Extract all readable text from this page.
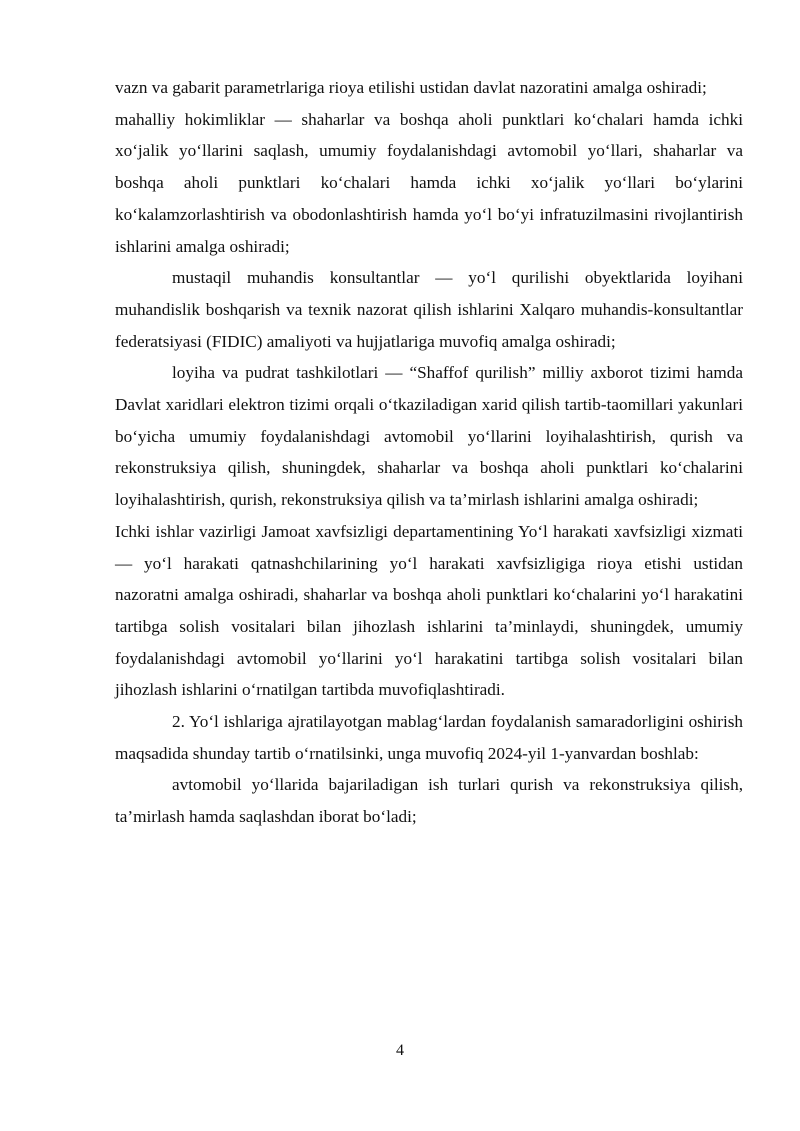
vazn va gabarit parametrlariga rioya etilishi ustidan davlat nazoratini amalga oshiradi;

mahalliy hokimliklar — shaharlar va boshqa aholi punktlari ko‘chalari hamda ichki xo‘jalik yo‘llarini saqlash, umumiy foydalanishdagi avtomobil yo‘llari, shaharlar va boshqa aholi punktlari ko‘chalari hamda ichki xo‘jalik yo‘llari bo‘ylarini ko‘kalamzorlashtirish va obodonlashtirish hamda yo‘l bo‘yi infratuzilmasini rivojlantirish ishlarini amalga oshiradi;

mustaqil muhandis konsultantlar — yo‘l qurilishi obyektlarida loyihani muhandislik boshqarish va texnik nazorat qilish ishlarini Xalqaro muhandis-konsultantlar federatsiyasi (FIDIC) amaliyoti va hujjatlariga muvofiq amalga oshiradi;

loyiha va pudrat tashkilotlari — “Shaffof qurilish” milliy axborot tizimi hamda Davlat xaridlari elektron tizimi orqali o‘tkaziladigan xarid qilish tartib-taomillari yakunlari bo‘yicha umumiy foydalanishdagi avtomobil yo‘llarini loyihalashtirish, qurish va rekonstruksiya qilish, shuningdek, shaharlar va boshqa aholi punktlari ko‘chalarini loyihalashtirish, qurish, rekonstruksiya qilish va ta’mirlash ishlarini amalga oshiradi;

Ichki ishlar vazirligi Jamoat xavfsizligi departamentining Yo‘l harakati xavfsizligi xizmati — yo‘l harakati qatnashchilarining yo‘l harakati xavfsizligiga rioya etishi ustidan nazoratni amalga oshiradi, shaharlar va boshqa aholi punktlari ko‘chalarini yo‘l harakatini tartibga solish vositalari bilan jihozlash ishlarini ta’minlaydi, shuningdek, umumiy foydalanishdagi avtomobil yo‘llarini yo‘l harakatini tartibga solish vositalari bilan jihozlash ishlarini o‘rnatilgan tartibda muvofiqlashtiradi.

2. Yo‘l ishlariga ajratilayotgan mablag‘lardan foydalanish samaradorligini oshirish maqsadida shunday tartib o‘rnatilsinki, unga muvofiq 2024-yil 1-yanvardan boshlab:

avtomobil yo‘llarida bajariladigan ish turlari qurish va rekonstruksiya qilish, ta’mirlash hamda saqlashdan iborat bo‘ladi;

4
